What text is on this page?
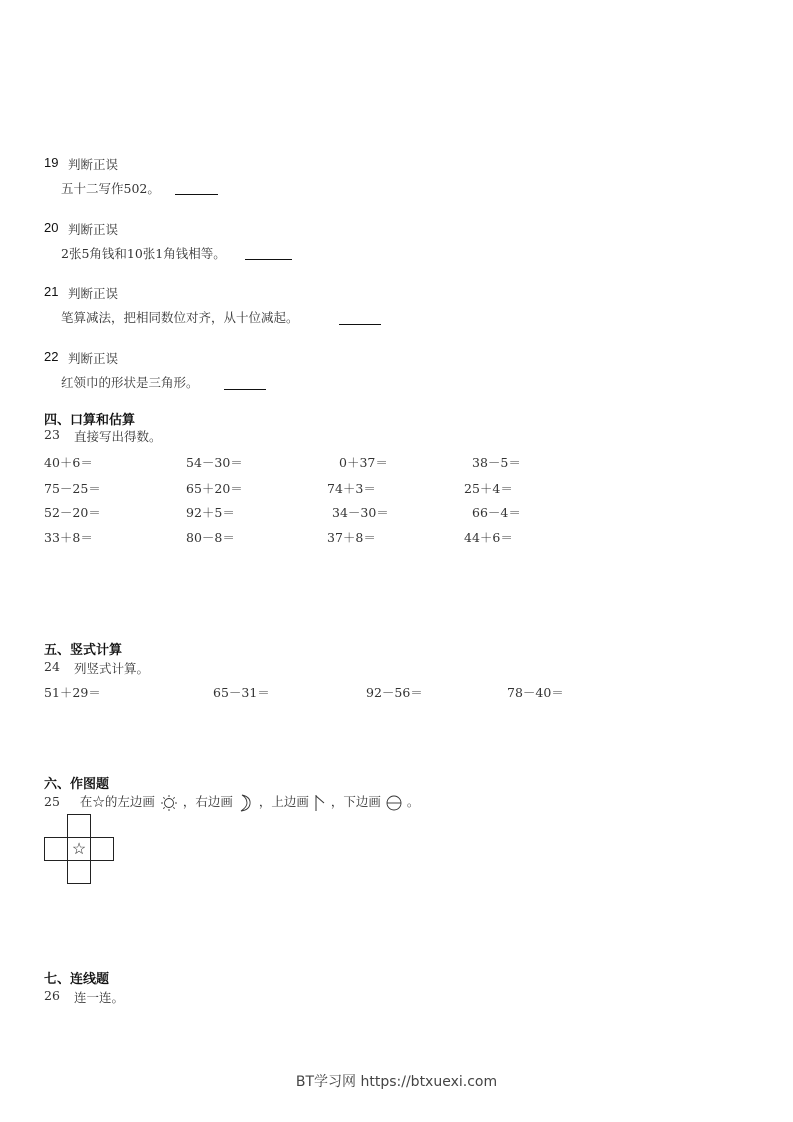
19 判断正误
五十二写作502。
20 判断正误
2张5角钱和10张1角钱相等。
21 判断正误
笔算减法，把相同数位对齐，从十位减起。
22 判断正误
红领巾的形状是三角形。
四、口算和估算
23 直接写出得数。
40＋6＝	54－30＝	0＋37＝	38－5＝
75－25＝	65＋20＝	74＋3＝	25＋4＝
52－20＝	92＋5＝	34－30＝	66－4＝
33＋8＝	80－8＝	37＋8＝	44＋6＝
五、竖式计算
24 列竖式计算。
51＋29＝	65－31＝	92－56＝	78－40＝
六、作图题
25 在☆的左边画 ，右边画 ，上边画 ，下边画 。
☆
七、连线题
26 连一连。
BT学习网 https://btxuexi.com
